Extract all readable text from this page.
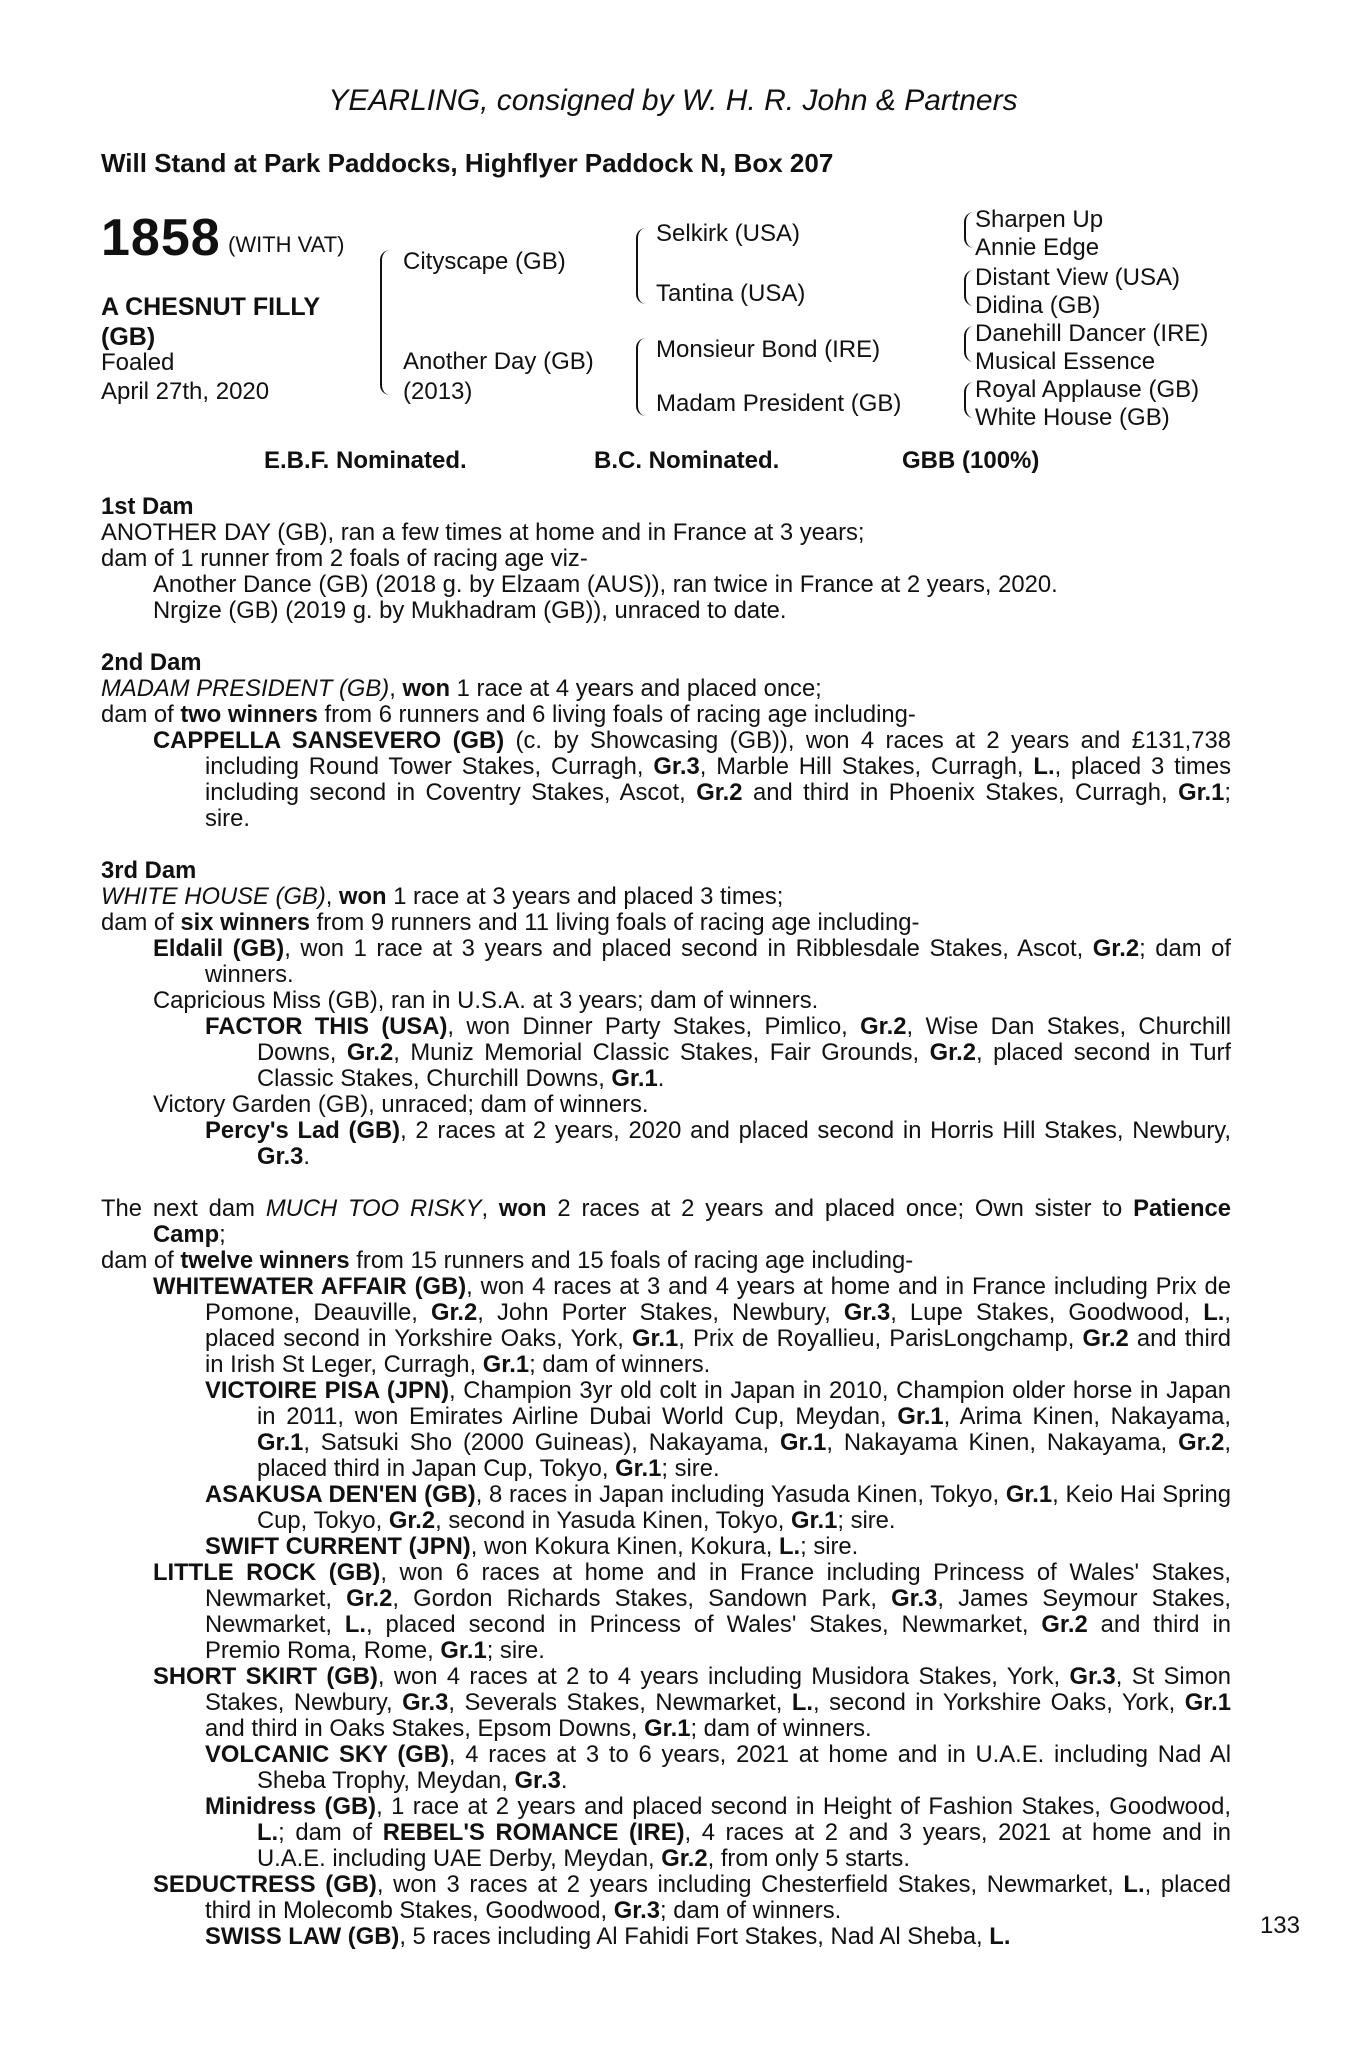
YEARLING, consigned by W. H. R. John & Partners
Will Stand at Park Paddocks, Highflyer Paddock N, Box 207
1858 (WITH VAT)
A CHESNUT FILLY (GB)
Foaled
April 27th, 2020
Cityscape (GB)
Another Day (GB)
(2013)
Selkirk (USA)
Tantina (USA)
Monsieur Bond (IRE)
Madam President (GB)
Sharpen Up
Annie Edge
Distant View (USA)
Didina (GB)
Danehill Dancer (IRE)
Musical Essence
Royal Applause (GB)
White House (GB)
E.B.F. Nominated.	B.C. Nominated.	GBB (100%)

1st Dam

ANOTHER DAY (GB), ran a few times at home and in France at 3 years;

dam of 1 runner from 2 foals of racing age viz-

Another Dance (GB) (2018 g. by Elzaam (AUS)), ran twice in France at 2 years, 2020.

Nrgize (GB) (2019 g. by Mukhadram (GB)), unraced to date.

2nd Dam

MADAM PRESIDENT (GB), won 1 race at 4 years and placed once;

dam of two winners from 6 runners and 6 living foals of racing age including-

CAPPELLA SANSEVERO (GB) (c. by Showcasing (GB)), won 4 races at 2 years and £131,738 including Round Tower Stakes, Curragh, Gr.3, Marble Hill Stakes, Curragh, L., placed 3 times including second in Coventry Stakes, Ascot, Gr.2 and third in Phoenix Stakes, Curragh, Gr.1; sire.

3rd Dam

WHITE HOUSE (GB), won 1 race at 3 years and placed 3 times;

dam of six winners from 9 runners and 11 living foals of racing age including-

Eldalil (GB), won 1 race at 3 years and placed second in Ribblesdale Stakes, Ascot, Gr.2; dam of winners.

Capricious Miss (GB), ran in U.S.A. at 3 years; dam of winners.

FACTOR THIS (USA), won Dinner Party Stakes, Pimlico, Gr.2, Wise Dan Stakes, Churchill Downs, Gr.2, Muniz Memorial Classic Stakes, Fair Grounds, Gr.2, placed second in Turf Classic Stakes, Churchill Downs, Gr.1.

Victory Garden (GB), unraced; dam of winners.

Percy's Lad (GB), 2 races at 2 years, 2020 and placed second in Horris Hill Stakes, Newbury, Gr.3.

The next dam MUCH TOO RISKY, won 2 races at 2 years and placed once; Own sister to Patience Camp;

dam of twelve winners from 15 runners and 15 foals of racing age including-

WHITEWATER AFFAIR (GB), won 4 races at 3 and 4 years at home and in France including Prix de Pomone, Deauville, Gr.2, John Porter Stakes, Newbury, Gr.3, Lupe Stakes, Goodwood, L., placed second in Yorkshire Oaks, York, Gr.1, Prix de Royallieu, ParisLongchamp, Gr.2 and third in Irish St Leger, Curragh, Gr.1; dam of winners.

VICTOIRE PISA (JPN), Champion 3yr old colt in Japan in 2010, Champion older horse in Japan in 2011, won Emirates Airline Dubai World Cup, Meydan, Gr.1, Arima Kinen, Nakayama, Gr.1, Satsuki Sho (2000 Guineas), Nakayama, Gr.1, Nakayama Kinen, Nakayama, Gr.2, placed third in Japan Cup, Tokyo, Gr.1; sire.

ASAKUSA DEN'EN (GB), 8 races in Japan including Yasuda Kinen, Tokyo, Gr.1, Keio Hai Spring Cup, Tokyo, Gr.2, second in Yasuda Kinen, Tokyo, Gr.1; sire.

SWIFT CURRENT (JPN), won Kokura Kinen, Kokura, L.; sire.

LITTLE ROCK (GB), won 6 races at home and in France including Princess of Wales' Stakes, Newmarket, Gr.2, Gordon Richards Stakes, Sandown Park, Gr.3, James Seymour Stakes, Newmarket, L., placed second in Princess of Wales' Stakes, Newmarket, Gr.2 and third in Premio Roma, Rome, Gr.1; sire.

SHORT SKIRT (GB), won 4 races at 2 to 4 years including Musidora Stakes, York, Gr.3, St Simon Stakes, Newbury, Gr.3, Severals Stakes, Newmarket, L., second in Yorkshire Oaks, York, Gr.1 and third in Oaks Stakes, Epsom Downs, Gr.1; dam of winners.

VOLCANIC SKY (GB), 4 races at 3 to 6 years, 2021 at home and in U.A.E. including Nad Al Sheba Trophy, Meydan, Gr.3.

Minidress (GB), 1 race at 2 years and placed second in Height of Fashion Stakes, Goodwood, L.; dam of REBEL'S ROMANCE (IRE), 4 races at 2 and 3 years, 2021 at home and in U.A.E. including UAE Derby, Meydan, Gr.2, from only 5 starts.

SEDUCTRESS (GB), won 3 races at 2 years including Chesterfield Stakes, Newmarket, L., placed third in Molecomb Stakes, Goodwood, Gr.3; dam of winners.

SWISS LAW (GB), 5 races including Al Fahidi Fort Stakes, Nad Al Sheba, L.	133
